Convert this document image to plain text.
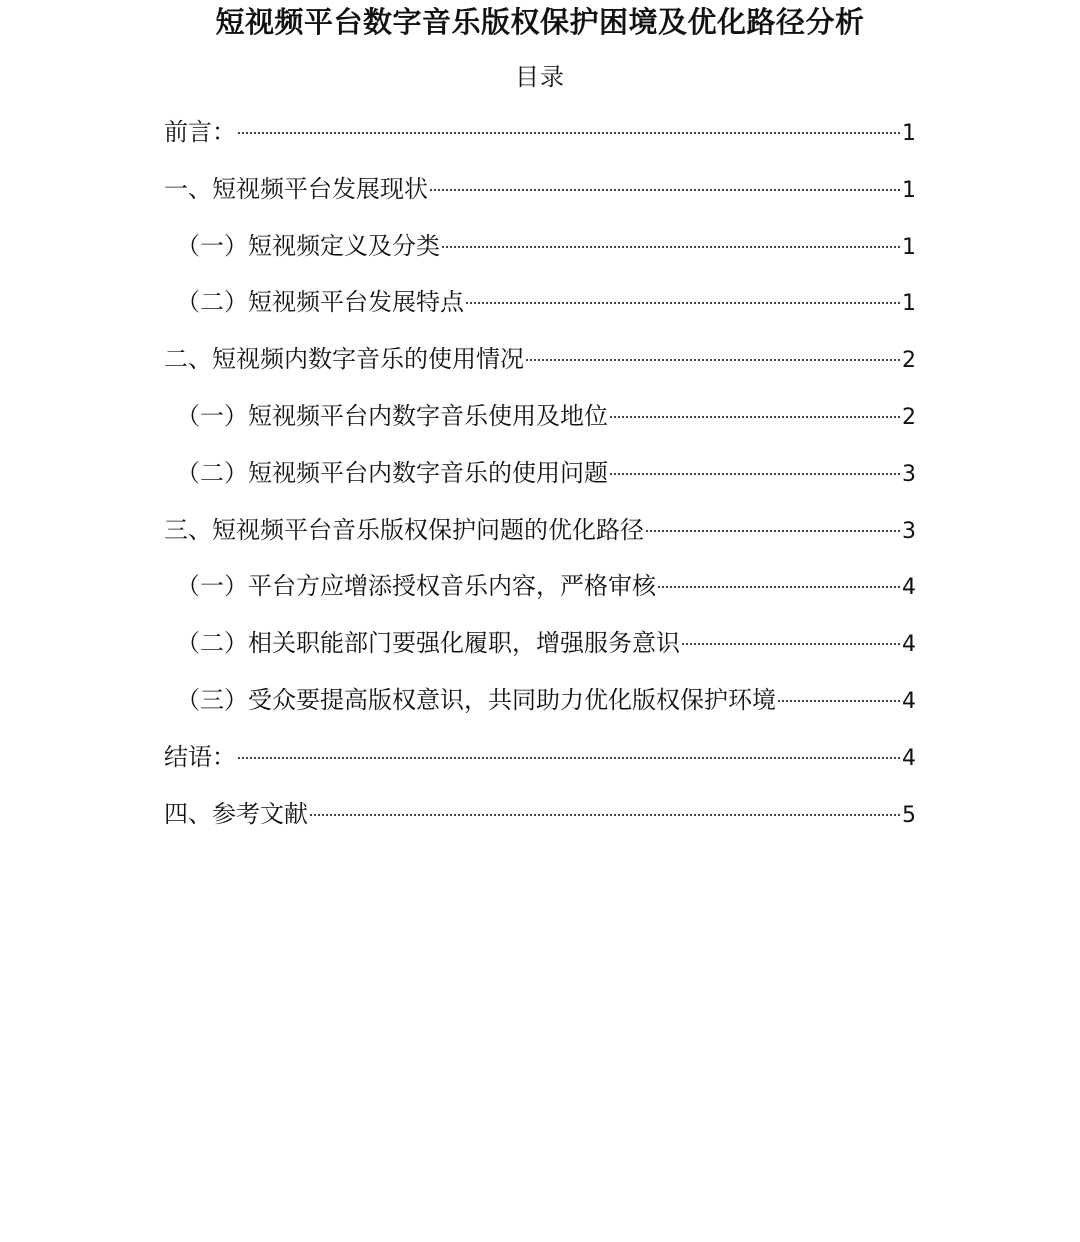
短视频平台数字音乐版权保护困境及优化路径分析
目录
前言：	1
一、短视频平台发展现状	1
（一）短视频定义及分类	1
（二）短视频平台发展特点	1
二、短视频内数字音乐的使用情况	2
（一）短视频平台内数字音乐使用及地位	2
（二）短视频平台内数字音乐的使用问题	3
三、短视频平台音乐版权保护问题的优化路径	3
（一）平台方应增添授权音乐内容，严格审核	4
（二）相关职能部门要强化履职，增强服务意识	4
（三）受众要提高版权意识，共同助力优化版权保护环境	4
结语：	4
四、参考文献	5
